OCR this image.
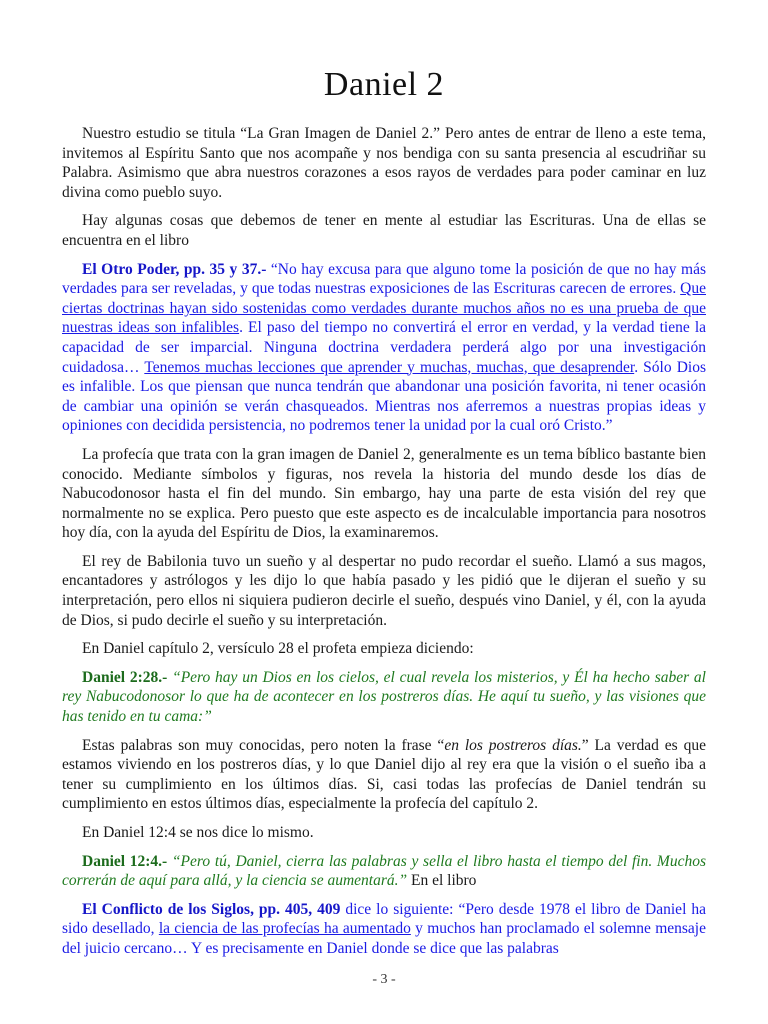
Daniel 2

Nuestro estudio se titula “La Gran Imagen de Daniel 2.” Pero antes de entrar de lleno a este tema, invitemos al Espíritu Santo que nos acompañe y nos bendiga con su santa presencia al escudriñar su Palabra. Asimismo que abra nuestros corazones a esos rayos de verdades para poder caminar en luz divina como pueblo suyo.

Hay algunas cosas que debemos de tener en mente al estudiar las Escrituras. Una de ellas se encuentra en el libro

El Otro Poder, pp. 35 y 37.- “No hay excusa para que alguno tome la posición de que no hay más verdades para ser reveladas, y que todas nuestras exposiciones de las Escrituras carecen de errores. Que ciertas doctrinas hayan sido sostenidas como verdades durante muchos años no es una prueba de que nuestras ideas son infalibles. El paso del tiempo no convertirá el error en verdad, y la verdad tiene la capacidad de ser imparcial. Ninguna doctrina verdadera perderá algo por una investigación cuidadosa… Tenemos muchas lecciones que aprender y muchas, muchas, que desaprender. Sólo Dios es infalible. Los que piensan que nunca tendrán que abandonar una posición favorita, ni tener ocasión de cambiar una opinión se verán chasqueados. Mientras nos aferremos a nuestras propias ideas y opiniones con decidida persistencia, no podremos tener la unidad por la cual oró Cristo.”

La profecía que trata con la gran imagen de Daniel 2, generalmente es un tema bíblico bastante bien conocido. Mediante símbolos y figuras, nos revela la historia del mundo desde los días de Nabucodonosor hasta el fin del mundo. Sin embargo, hay una parte de esta visión del rey que normalmente no se explica. Pero puesto que este aspecto es de incalculable importancia para nosotros hoy día, con la ayuda del Espíritu de Dios, la examinaremos.

El rey de Babilonia tuvo un sueño y al despertar no pudo recordar el sueño. Llamó a sus magos, encantadores y astrólogos y les dijo lo que había pasado y les pidió que le dijeran el sueño y su interpretación, pero ellos ni siquiera pudieron decirle el sueño, después vino Daniel, y él, con la ayuda de Dios, si pudo decirle el sueño y su interpretación.

En Daniel capítulo 2, versículo 28 el profeta empieza diciendo:

Daniel 2:28.- “Pero hay un Dios en los cielos, el cual revela los misterios, y Él ha hecho saber al rey Nabucodonosor lo que ha de acontecer en los postreros días. He aquí tu sueño, y las visiones que has tenido en tu cama:”

Estas palabras son muy conocidas, pero noten la frase “en los postreros días.” La verdad es que estamos viviendo en los postreros días, y lo que Daniel dijo al rey era que la visión o el sueño iba a tener su cumplimiento en los últimos días. Si, casi todas las profecías de Daniel tendrán su cumplimiento en estos últimos días, especialmente la profecía del capítulo 2.

En Daniel 12:4 se nos dice lo mismo.

Daniel 12:4.- “Pero tú, Daniel, cierra las palabras y sella el libro hasta el tiempo del fin. Muchos correrán de aquí para allá, y la ciencia se aumentará.” En el libro

El Conflicto de los Siglos, pp. 405, 409 dice lo siguiente: “Pero desde 1978 el libro de Daniel ha sido desellado, la ciencia de las profecías ha aumentado y muchos han proclamado el solemne mensaje del juicio cercano… Y es precisamente en Daniel donde se dice que las palabras

- 3 -
